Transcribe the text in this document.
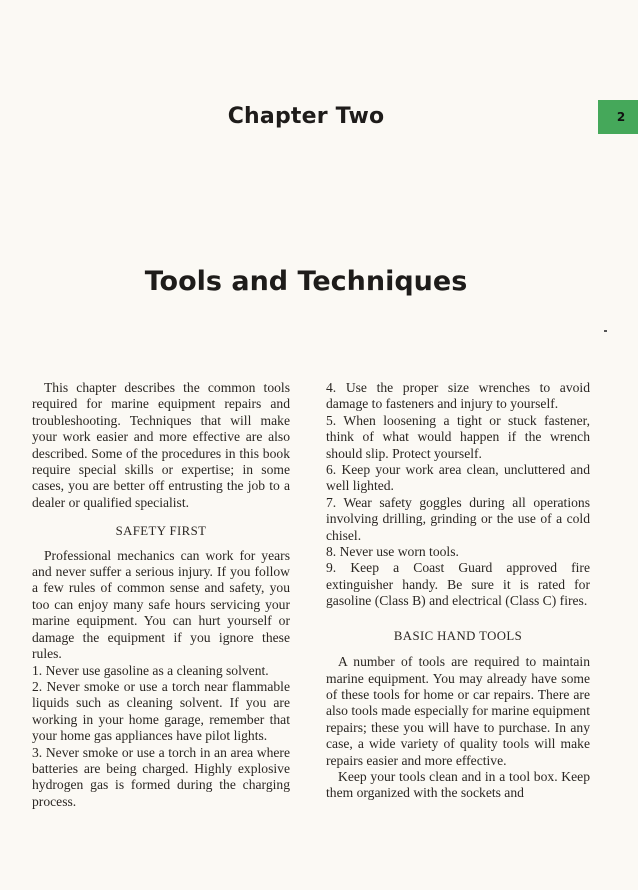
Chapter Two	2
Tools and Techniques

This chapter describes the common tools required for marine equipment repairs and troubleshooting. Techniques that will make your work easier and more effective are also described. Some of the procedures in this book require special skills or expertise; in some cases, you are better off entrusting the job to a dealer or qualified specialist.

SAFETY FIRST

Professional mechanics can work for years and never suffer a serious injury. If you follow a few rules of common sense and safety, you too can enjoy many safe hours servicing your marine equipment. You can hurt yourself or damage the equipment if you ignore these rules.

1. Never use gasoline as a cleaning solvent.

2. Never smoke or use a torch near flammable liquids such as cleaning solvent. If you are working in your home garage, remember that your home gas appliances have pilot lights.

3. Never smoke or use a torch in an area where batteries are being charged. Highly explosive hydrogen gas is formed during the charging process.

4. Use the proper size wrenches to avoid damage to fasteners and injury to yourself.

5. When loosening a tight or stuck fastener, think of what would happen if the wrench should slip. Protect yourself.

6. Keep your work area clean, uncluttered and well lighted.

7. Wear safety goggles during all operations involving drilling, grinding or the use of a cold chisel.

8. Never use worn tools.

9. Keep a Coast Guard approved fire extinguisher handy. Be sure it is rated for gasoline (Class B) and electrical (Class C) fires.

BASIC HAND TOOLS

A number of tools are required to maintain marine equipment. You may already have some of these tools for home or car repairs. There are also tools made especially for marine equipment repairs; these you will have to purchase. In any case, a wide variety of quality tools will make repairs easier and more effective.

Keep your tools clean and in a tool box. Keep them organized with the sockets and
